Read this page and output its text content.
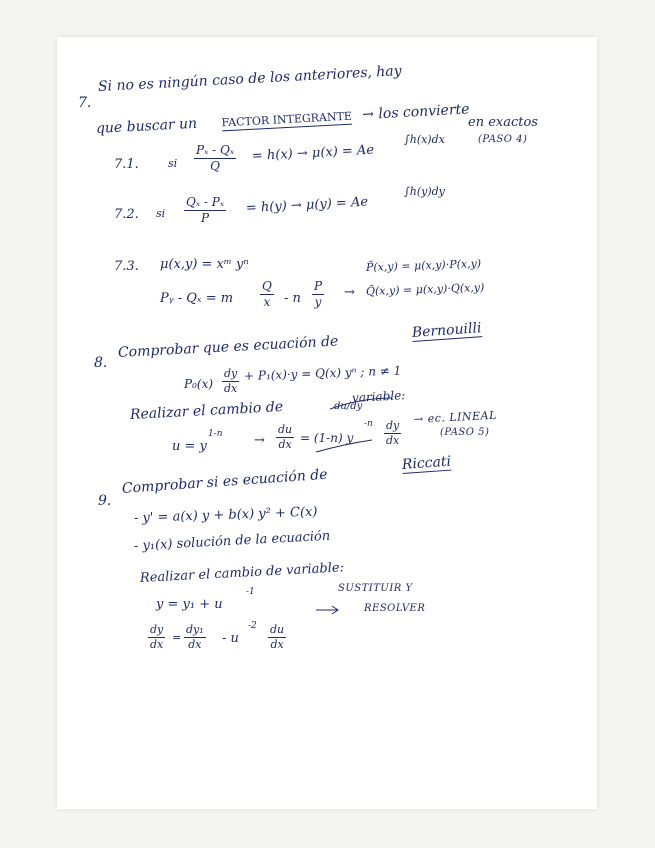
7.
Si no es ningún caso de los anteriores, hay
que buscar un FACTOR INTEGRANTE → los convierte
en exactos
(PASO 4)
7.1.	si $\frac{\text{Pₓ - Qₓ}}{Q} = h(x) \to \mu(x) = Ae$
∫h(x)dx
7.2. si $\frac{\text{Qₓ - Pₓ}}{P} = h(y) \to \mu(y) = Ae$
∫h(y)dy
7.3. μ(x,y) = xᵐ yⁿ
Pᵧ - Qₓ = m $\frac{Q}{x}$ - n $\frac{P}{y}$ →
P̃(x,y) = μ(x,y)·P(x,y)
Q̃(x,y) = μ(x,y)·Q(x,y)
8.
Comprobar que es ecuación de
Bernouilli
$P_0(x) \frac{dy}{dx} + P_1(x)\cdot y = Q(x)$ yⁿ ; n ≠ 1
Realizar el cambio de
variable:
du/dy
u = y
$1-n \to \frac{du}{dx} = (1-n)$ y
$-n \frac{dy}{dx}$
→ ec. LINEAL
(PASO 5)
9.
Comprobar si es ecuación de
Riccati
- y' = a(x) y + b(x) y² + C(x)
- y₁(x) solución de la ecuación
Realizar el cambio de variable:
y = y₁ + u
-1	SUSTITUIR Y
RESOLVER
$\frac{dy}{dx} = \frac{\text{dy₁}}{dx} - u$
$-2 \frac{du}{dx}$
